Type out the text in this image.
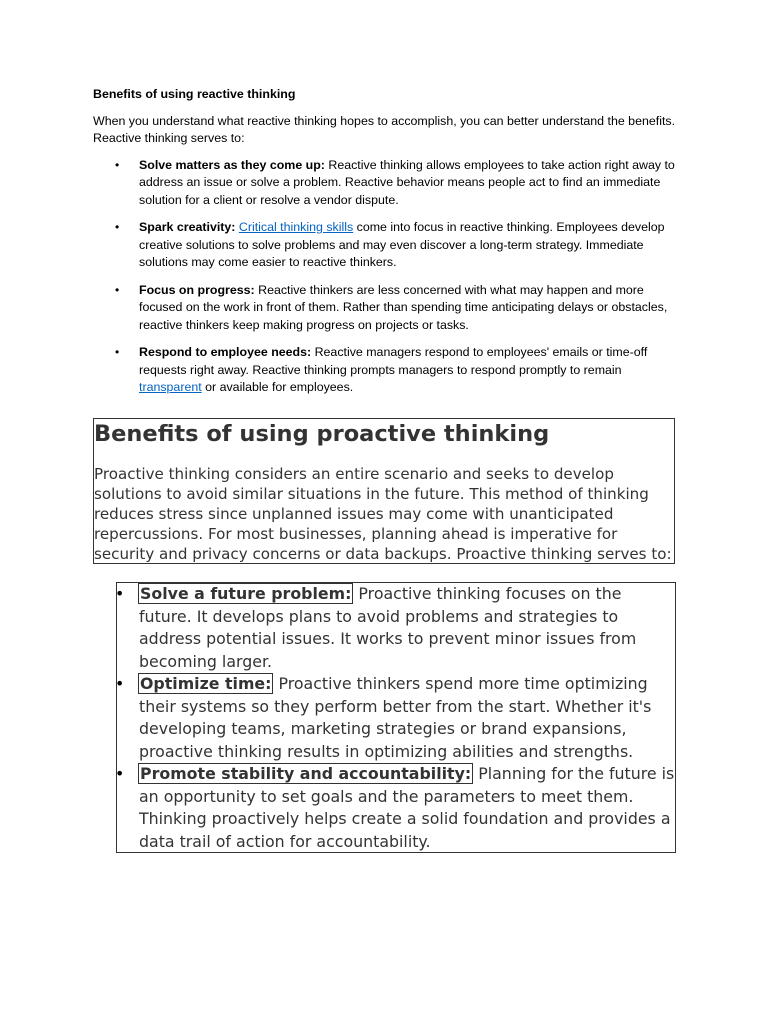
Benefits of using reactive thinking

When you understand what reactive thinking hopes to accomplish, you can better understand the benefits. Reactive thinking serves to:

• Solve matters as they come up: Reactive thinking allows employees to take action right away to address an issue or solve a problem. Reactive behavior means people act to find an immediate solution for a client or resolve a vendor dispute.
• Spark creativity: Critical thinking skills come into focus in reactive thinking. Employees develop creative solutions to solve problems and may even discover a long-term strategy. Immediate solutions may come easier to reactive thinkers.
• Focus on progress: Reactive thinkers are less concerned with what may happen and more focused on the work in front of them. Rather than spending time anticipating delays or obstacles, reactive thinkers keep making progress on projects or tasks.
• Respond to employee needs: Reactive managers respond to employees' emails or time-off requests right away. Reactive thinking prompts managers to respond promptly to remain transparent or available for employees.
Benefits of using proactive thinking

Proactive thinking considers an entire scenario and seeks to develop solutions to avoid similar situations in the future. This method of thinking reduces stress since unplanned issues may come with unanticipated repercussions. For most businesses, planning ahead is imperative for security and privacy concerns or data backups. Proactive thinking serves to:

• Solve a future problem: Proactive thinking focuses on the future. It develops plans to avoid problems and strategies to address potential issues. It works to prevent minor issues from becoming larger.
• Optimize time: Proactive thinkers spend more time optimizing their systems so they perform better from the start. Whether it's developing teams, marketing strategies or brand expansions, proactive thinking results in optimizing abilities and strengths.
• Promote stability and accountability: Planning for the future is an opportunity to set goals and the parameters to meet them. Thinking proactively helps create a solid foundation and provides a data trail of action for accountability.
